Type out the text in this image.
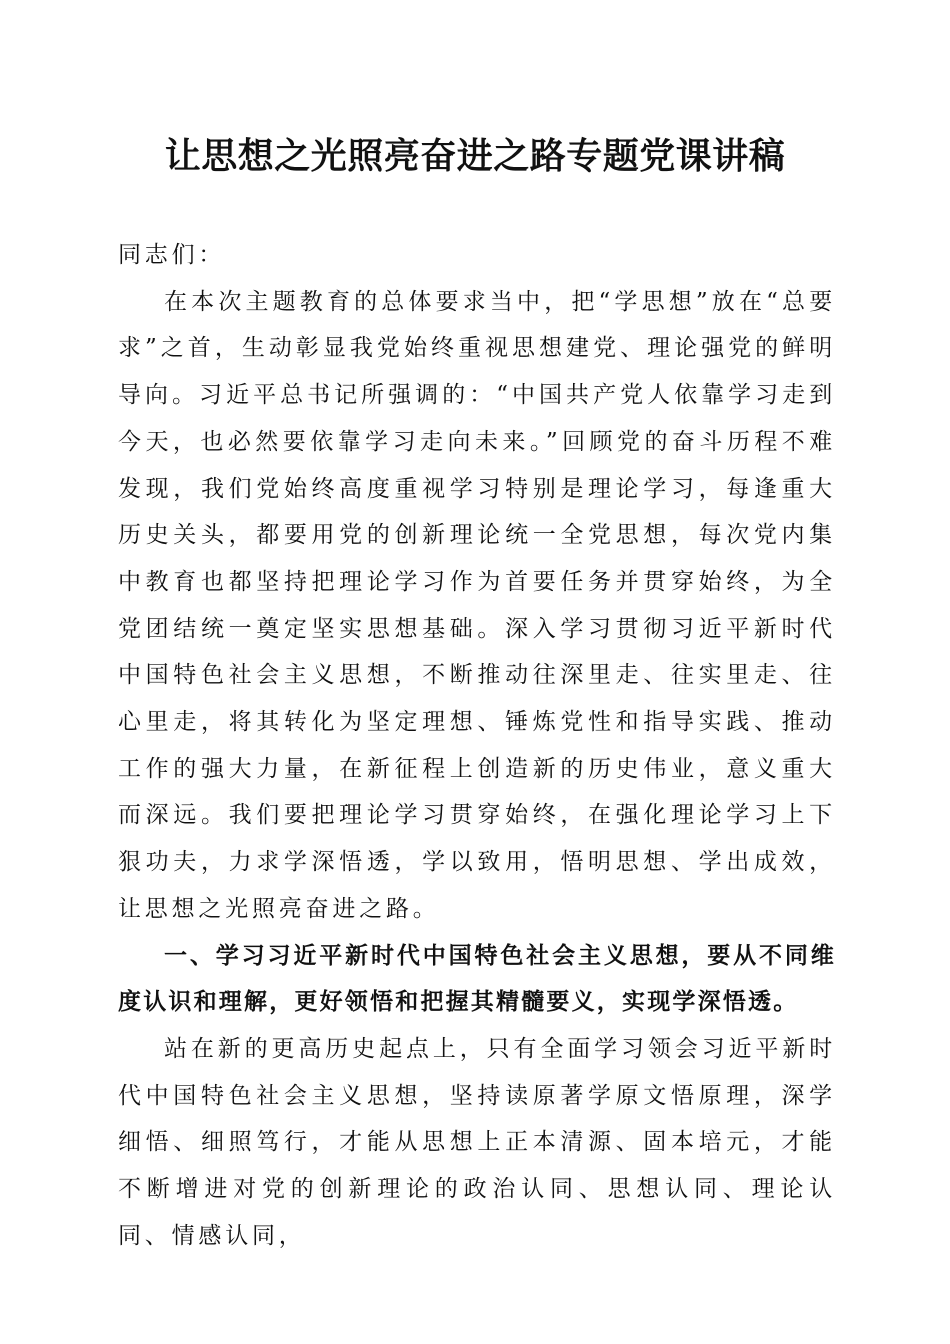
让思想之光照亮奋进之路专题党课讲稿

同志们：

在本次主题教育的总体要求当中，把“学思想”放在“总要求”之首，生动彰显我党始终重视思想建党、理论强党的鲜明导向。习近平总书记所强调的：“中国共产党人依靠学习走到今天，也必然要依靠学习走向未来。”回顾党的奋斗历程不难发现，我们党始终高度重视学习特别是理论学习，每逢重大历史关头，都要用党的创新理论统一全党思想，每次党内集中教育也都坚持把理论学习作为首要任务并贯穿始终，为全党团结统一奠定坚实思想基础。深入学习贯彻习近平新时代中国特色社会主义思想，不断推动往深里走、往实里走、往心里走，将其转化为坚定理想、锤炼党性和指导实践、推动工作的强大力量，在新征程上创造新的历史伟业，意义重大而深远。我们要把理论学习贯穿始终，在强化理论学习上下狠功夫，力求学深悟透，学以致用，悟明思想、学出成效，让思想之光照亮奋进之路。

一、学习习近平新时代中国特色社会主义思想，要从不同维度认识和理解，更好领悟和把握其精髓要义，实现学深悟透。

站在新的更高历史起点上，只有全面学习领会习近平新时代中国特色社会主义思想，坚持读原著学原文悟原理，深学细悟、细照笃行，才能从思想上正本清源、固本培元，才能不断增进对党的创新理论的政治认同、思想认同、理论认同、情感认同，
